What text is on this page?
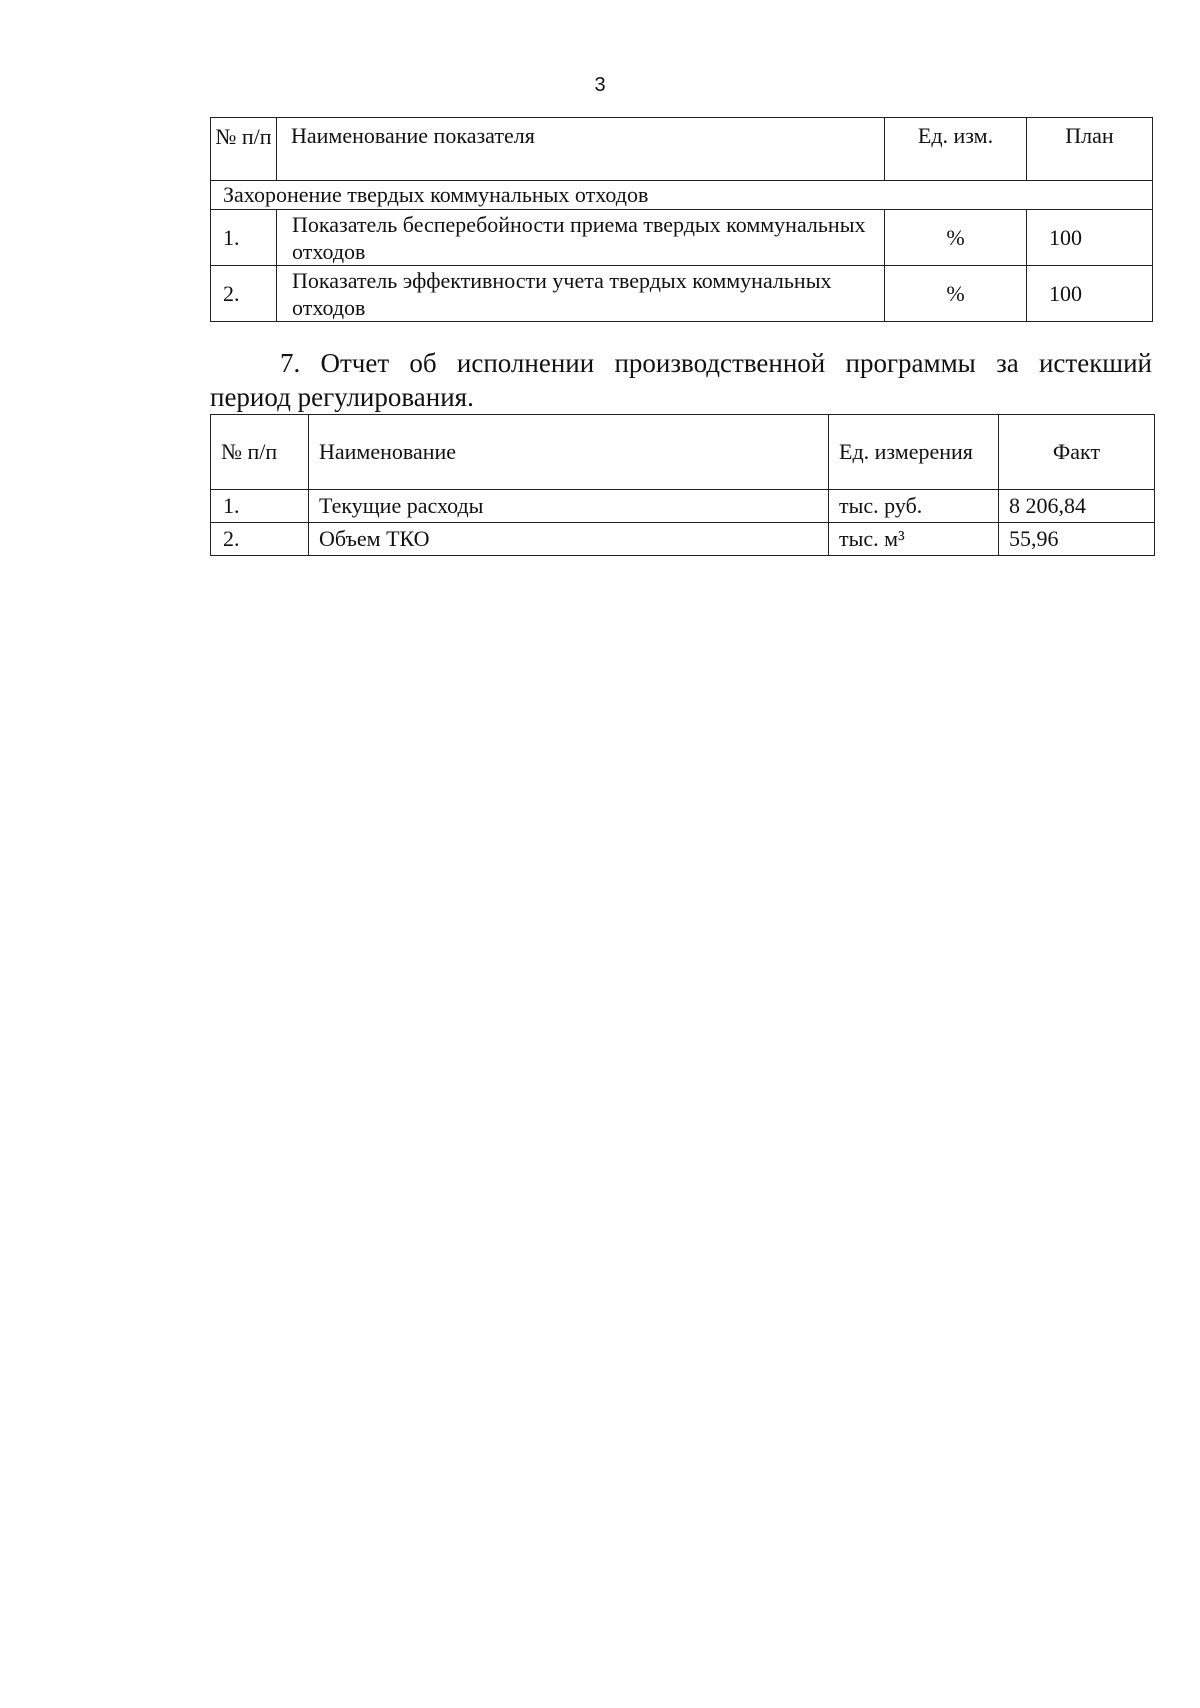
3
№ п/п	Наименование показателя	Ед. изм.	План
Захоронение твердых коммунальных отходов			
1.	Показатель бесперебойности приема твердых коммунальных отходов	%	100
2.	Показатель эффективности учета твердых коммунальных отходов	%	100
7. Отчет об исполнении производственной программы за истекший
период регулирования.
№ п/п	Наименование	Ед. измерения	Факт
1.	Текущие расходы	тыс. руб.	8 206,84
2.	Объем ТКО	тыс. м³	55,96
